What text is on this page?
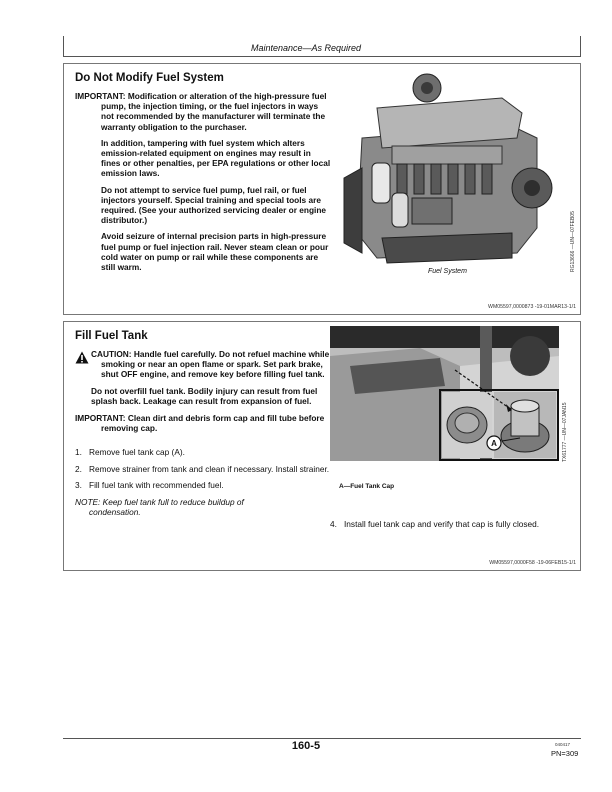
Maintenance—As Required
Do Not Modify Fuel System

IMPORTANT: Modification or alteration of the high-pressure fuel pump, the injection timing, or the fuel injectors in ways not recommended by the manufacturer will terminate the warranty obligation to the purchaser.

In addition, tampering with fuel system which alters emission-related equipment on engines may result in fines or other penalties, per EPA regulations or other local emission laws.

Do not attempt to service fuel pump, fuel rail, or fuel injectors yourself. Special training and special tools are required. (See your authorized servicing dealer or engine distributor.)

Avoid seizure of internal precision parts in high-pressure fuel pump or fuel injection rail. Never steam clean or pour cold water on pump or rail while these components are still warm.	Fuel System	RG13666 —UN—07FEB05
WM05597,0000873 -19-01MAR13-1/1
Fill Fuel Tank

CAUTION: Handle fuel carefully. Do not refuel machine while smoking or near an open flame or spark. Set park brake, shut OFF engine, and remove key before filling fuel tank.

Do not overfill fuel tank. Bodily injury can result from fuel splash back. Leakage can result from expansion of fuel.

IMPORTANT: Clean dirt and debris form cap and fill tube before removing cap.

1. Remove fuel tank cap (A).
2. Remove strainer from tank and clean if necessary. Install strainer.
3. Fill fuel tank with recommended fuel.

NOTE: Keep fuel tank full to reduce buildup of condensation.

A	TX61777 —UN—07JAN15
A—Fuel Tank Cap
4. Install fuel tank cap and verify that cap is fully closed.
WM05597,0000F58 -19-06FEB15-1/1
160-5	040417
PN=309
